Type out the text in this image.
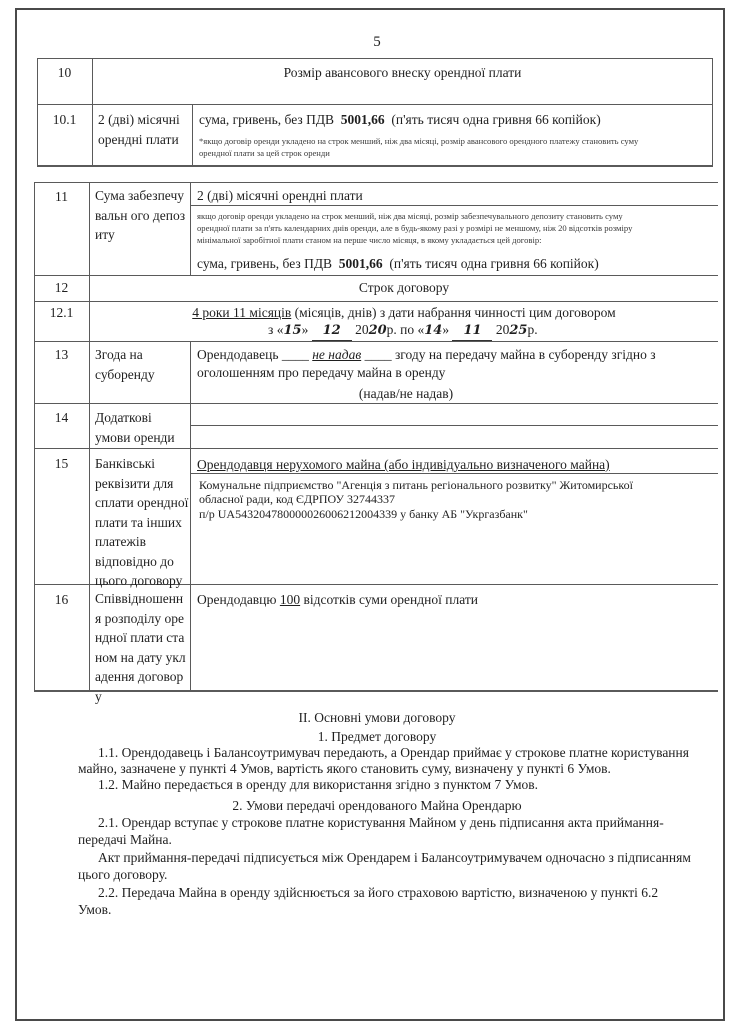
5
10	Розмір авансового внеску орендної плати
10.1	2 (дві) місячні орендні плати
сума, гривень, без ПДВ 5001,66 (п'ять тисяч одна гривня 66 копійок)
*якщо договір оренди укладено на строк менший, ніж два місяці, розмір авансового орендного платежу становить суму
орендної плати за цей строк оренди
11	Сума забезпечувальн ого депозиту
2 (дві) місячні орендні плати
якщо договір оренди укладено на строк менший, ніж два місяці, розмір забезпечувального депозиту становить суму
орендної плати за п'ять календарних днів оренди, але в будь-якому разі у розмірі не меншому, ніж 20 відсотків розміру
мінімальної заробітної плати станом на перше число місяця, в якому укладається цей договір:
сума, гривень, без ПДВ 5001,66 (п'ять тисяч одна гривня 66 копійок)
12	Строк договору
12.1	4 роки 11 місяців (місяців, днів) з дати набрання чинності цим договором
з «15» 12 2020р. по «14» 11 2025р.
13	Згода на суборенду
Орендодавець ____ не надав ____ згоду на передачу майна в суборенду згідно з
оголошенням про передачу майна в оренду
(надав/не надав)
14	Додаткові умови оренди
15	Банківські реквізити для сплати орендної плати та інших платежів відповідно до цього договору
Орендодавця нерухомого майна (або індивідуально визначеного майна)
Комунальне підприємство "Агенція з питань регіонального розвитку" Житомирської
обласної ради, код ЄДРПОУ 32744337
п/р UA543204780000026006212004339 у банку АБ "Укргазбанк"
16	Співвідношенн я розподілу орендної плати станом на дату укладення договору
Орендодавцю 100 відсотків суми орендної плати
II. Основні умови договору
1. Предмет договору
1.1. Орендодавець і Балансоутримувач передають, а Орендар приймає у строкове платне користування
майно, зазначене у пункті 4 Умов, вартість якого становить суму, визначену у пункті 6 Умов.
1.2. Майно передається в оренду для використання згідно з пунктом 7 Умов.
2. Умови передачі орендованого Майна Орендарю
2.1. Орендар вступає у строкове платне користування Майном у день підписання акта приймання-
передачі Майна.
Акт приймання-передачі підписується між Орендарем і Балансоутримувачем одночасно з підписанням
цього договору.
2.2. Передача Майна в оренду здійснюється за його страховою вартістю, визначеною у пункті 6.2
Умов.
